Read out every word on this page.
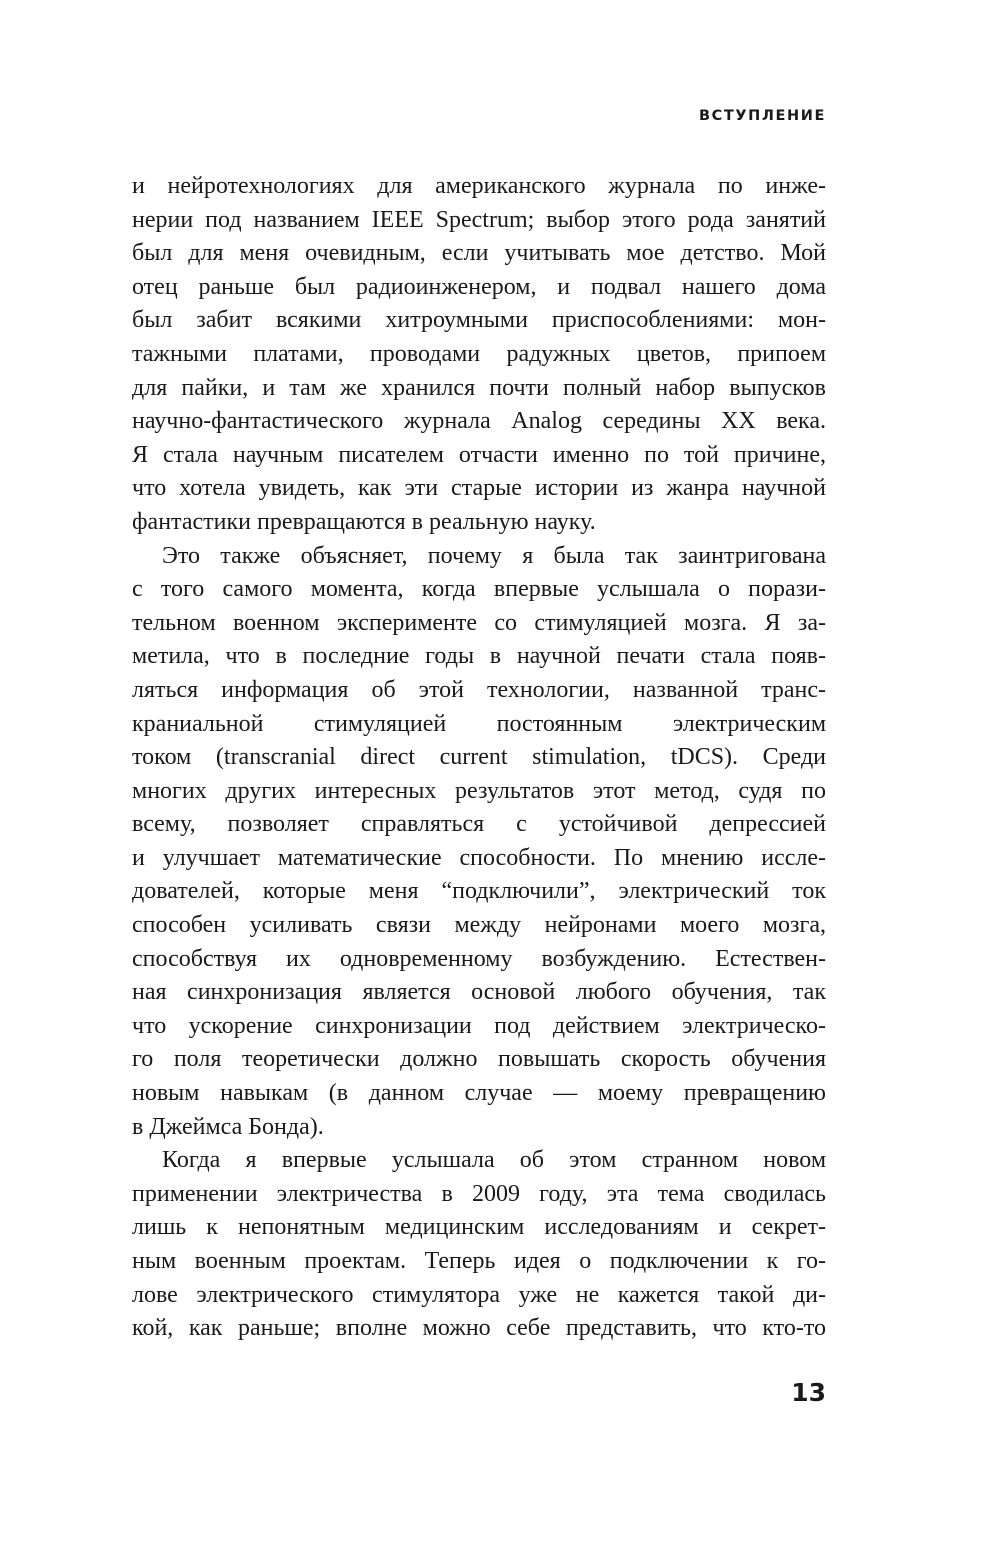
ВСТУПЛЕНИЕ
и нейротехнологиях для американского журнала по инже-
нерии под названием IEEE Spectrum; выбор этого рода занятий
был для меня очевидным, если учитывать мое детство. Мой
отец раньше был радиоинженером, и подвал нашего дома
был забит всякими хитроумными приспособлениями: мон-
тажными платами, проводами радужных цветов, припоем
для пайки, и там же хранился почти полный набор выпусков
научно-фантастического журнала Analog середины XX века.
Я стала научным писателем отчасти именно по той причине,
что хотела увидеть, как эти старые истории из жанра научной
фантастики превращаются в реальную науку.
Это также объясняет, почему я была так заинтригована
с того самого момента, когда впервые услышала о порази-
тельном военном эксперименте со стимуляцией мозга. Я за-
метила, что в последние годы в научной печати стала появ-
ляться информация об этой технологии, названной транс-
краниальной стимуляцией постоянным электрическим
током (transcranial direct current stimulation, tDCS). Среди
многих других интересных результатов этот метод, судя по
всему, позволяет справляться с устойчивой депрессией
и улучшает математические способности. По мнению иссле-
дователей, которые меня “подключили”, электрический ток
способен усиливать связи между нейронами моего мозга,
способствуя их одновременному возбуждению. Естествен-
ная синхронизация является основой любого обучения, так
что ускорение синхронизации под действием электрическо-
го поля теоретически должно повышать скорость обучения
новым навыкам (в данном случае — моему превращению
в Джеймса Бонда).
Когда я впервые услышала об этом странном новом
применении электричества в 2009 году, эта тема сводилась
лишь к непонятным медицинским исследованиям и секрет-
ным военным проектам. Теперь идея о подключении к го-
лове электрического стимулятора уже не кажется такой ди-
кой, как раньше; вполне можно себе представить, что кто-то
13
